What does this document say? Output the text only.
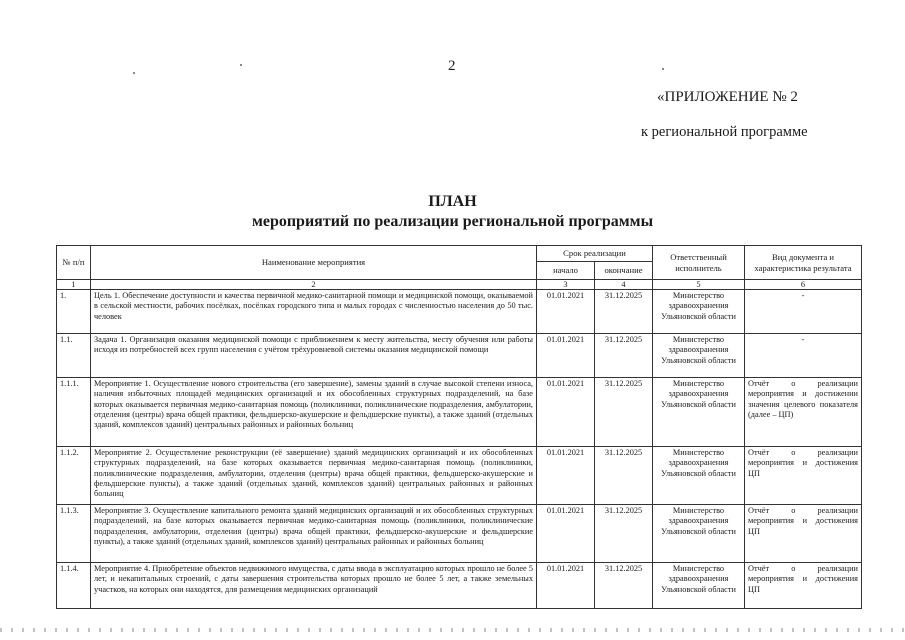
2
«ПРИЛОЖЕНИЕ № 2
к региональной программе
ПЛАН
мероприятий по реализации региональной программы
№ п/п	Наименование мероприятия	Срок реализации		Ответственный исполнитель	Вид документа и характеристика результата
		начало	окончание		
1	2	3	4	5	6
1.	Цель 1. Обеспечение доступности и качества первичной медико-санитарной помощи и медицинской помощи, оказываемой в сельской местности, рабочих посёлках, посёлках городского типа и малых городах с численностью населения до 50 тыс. человек	01.01.2021	31.12.2025	Министерство здравоохранения Ульяновской области	-
1.1.	Задача 1. Организация оказания медицинской помощи с приближением к месту жительства, месту обучения или работы исходя из потребностей всех групп населения с учётом трёхуровневой системы оказания медицинской помощи	01.01.2021	31.12.2025	Министерство здравоохранения Ульяновской области	-
1.1.1.	Мероприятие 1. Осуществление нового строительства (его завершение), замены зданий в случае высокой степени износа, наличия избыточных площадей медицинских организаций и их обособленных структурных подразделений, на базе которых оказывается первичная медико-санитарная помощь (поликлиники, поликлинические подразделения, амбулатории, отделения (центры) врача общей практики, фельдшерско-акушерские и фельдшерские пункты), а также зданий (отдельных зданий, комплексов зданий) центральных районных и районных больниц	01.01.2021	31.12.2025	Министерство здравоохранения Ульяновской области	Отчёт о реализации мероприятия и достижении значения целевого показателя (далее – ЦП)
1.1.2.	Мероприятие 2. Осуществление реконструкции (её завершение) зданий медицинских организаций и их обособленных структурных подразделений, на базе которых оказывается первичная медико-санитарная помощь (поликлиники, поликлинические подразделения, амбулатории, отделения (центры) врача общей практики, фельдшерско-акушерские и фельдшерские пункты), а также зданий (отдельных зданий, комплексов зданий) центральных районных и районных больниц	01.01.2021	31.12.2025	Министерство здравоохранения Ульяновской области	Отчёт о реализации мероприятия и достижения ЦП
1.1.3.	Мероприятие 3. Осуществление капитального ремонта зданий медицинских организаций и их обособленных структурных подразделений, на базе которых оказывается первичная медико-санитарная помощь (поликлиники, поликлинические подразделения, амбулатории, отделения (центры) врача общей практики, фельдшерско-акушерские и фельдшерские пункты), а также зданий (отдельных зданий, комплексов зданий) центральных районных и районных больниц	01.01.2021	31.12.2025	Министерство здравоохранения Ульяновской области	Отчёт о реализации мероприятия и достижения ЦП
1.1.4.	Мероприятие 4. Приобретение объектов недвижимого имущества, с даты ввода в эксплуатацию которых прошло не более 5 лет, и некапитальных строений, с даты завершения строительства которых прошло не более 5 лет, а также земельных участков, на которых они находятся, для размещения медицинских организаций	01.01.2021	31.12.2025	Министерство здравоохранения Ульяновской области	Отчёт о реализации мероприятия и достижения ЦП
